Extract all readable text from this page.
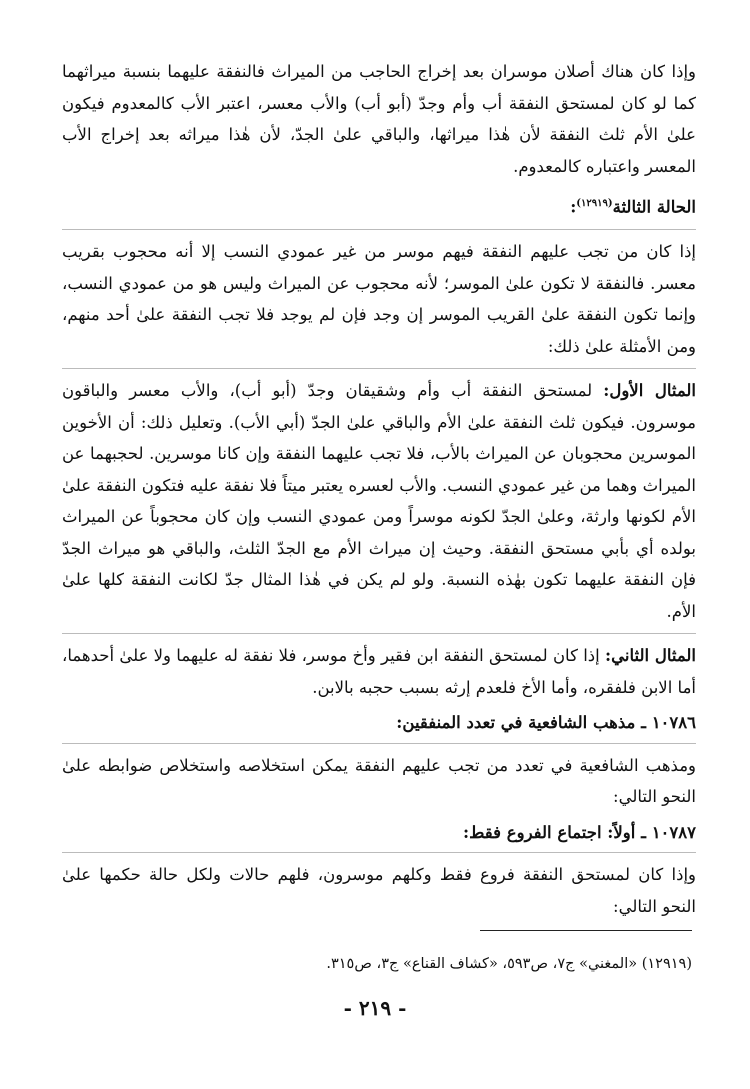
وإذا كان هناك أصلان موسران بعد إخراج الحاجب من الميراث فالنفقة عليهما بنسبة ميراثهما كما لو كان لمستحق النفقة أب وأم وجدّ (أبو أب) والأب معسر، اعتبر الأب كالمعدوم فيكون علىٰ الأم ثلث النفقة لأن هٰذا ميراثها، والباقي علىٰ الجدّ، لأن هٰذا ميراثه بعد إخراج الأب المعسر واعتباره كالمعدوم.

الحالة الثالثة$^{(١٢٩١٩)}$:

إذا كان من تجب عليهم النفقة فيهم موسر من غير عمودي النسب إلا أنه محجوب بقريب معسر. فالنفقة لا تكون علىٰ الموسر؛ لأنه محجوب عن الميراث وليس هو من عمودي النسب، وإنما تكون النفقة علىٰ القريب الموسر إن وجد فإن لم يوجد فلا تجب النفقة علىٰ أحد منهم، ومن الأمثلة علىٰ ذلك:

المثال الأول: لمستحق النفقة أب وأم وشقيقان وجدّ (أبو أب)، والأب معسر والباقون موسرون. فيكون ثلث النفقة علىٰ الأم والباقي علىٰ الجدّ (أبي الأب). وتعليل ذلك: أن الأخوين الموسرين محجوبان عن الميراث بالأب، فلا تجب عليهما النفقة وإن كانا موسرين. لحجبهما عن الميراث وهما من غير عمودي النسب. والأب لعسره يعتبر ميتاً فلا نفقة عليه فتكون النفقة علىٰ الأم لكونها وارثة، وعلىٰ الجدّ لكونه موسراً ومن عمودي النسب وإن كان محجوباً عن الميراث بولده أي بأبي مستحق النفقة. وحيث إن ميراث الأم مع الجدّ الثلث، والباقي هو ميراث الجدّ فإن النفقة عليهما تكون بهٰذه النسبة. ولو لم يكن في هٰذا المثال جدّ لكانت النفقة كلها علىٰ الأم.

المثال الثاني: إذا كان لمستحق النفقة ابن فقير وأخ موسر، فلا نفقة له عليهما ولا علىٰ أحدهما، أما الابن فلفقره، وأما الأخ فلعدم إرثه بسبب حجبه بالابن.

١٠٧٨٦ ـ مذهب الشافعية في تعدد المنفقين:

ومذهب الشافعية في تعدد من تجب عليهم النفقة يمكن استخلاصه واستخلاص ضوابطه علىٰ النحو التالي:

١٠٧٨٧ ـ أولاً: اجتماع الفروع فقط:

وإذا كان لمستحق النفقة فروع فقط وكلهم موسرون، فلهم حالات ولكل حالة حكمها علىٰ النحو التالي:

(١٢٩١٩) «المغني» ج٧، ص٥٩٣، «كشاف القناع» ج٣، ص٣١٥.
- ٢١٩ -
